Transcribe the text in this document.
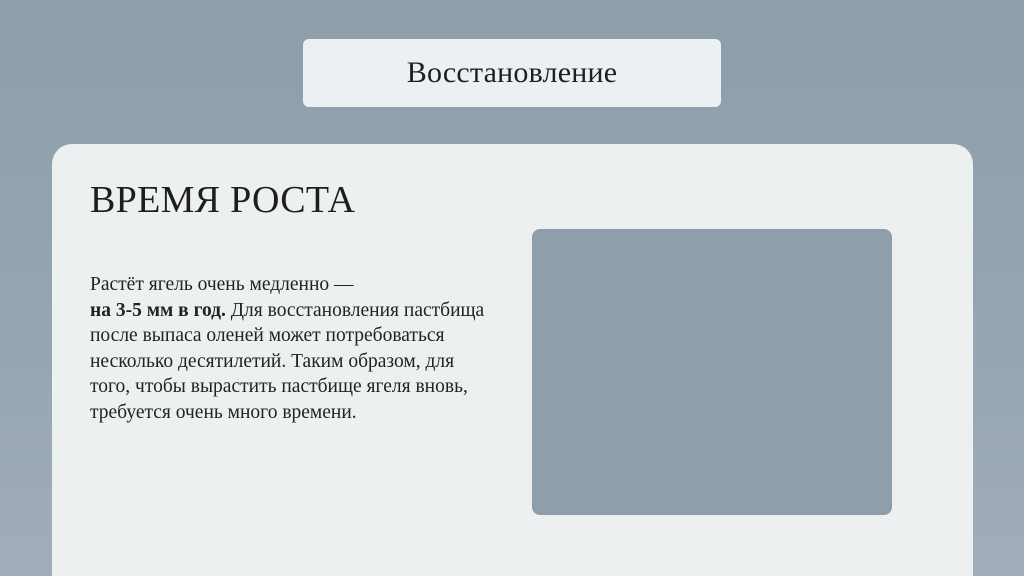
Восстановление
ВРЕМЯ РОСТА
Растёт ягель очень медленно —
на 3-5 мм в год. Для восстановления пастбища после выпаса оленей может потребоваться несколько десятилетий. Таким образом, для того, чтобы вырастить пастбище ягеля вновь, требуется очень много времени.
